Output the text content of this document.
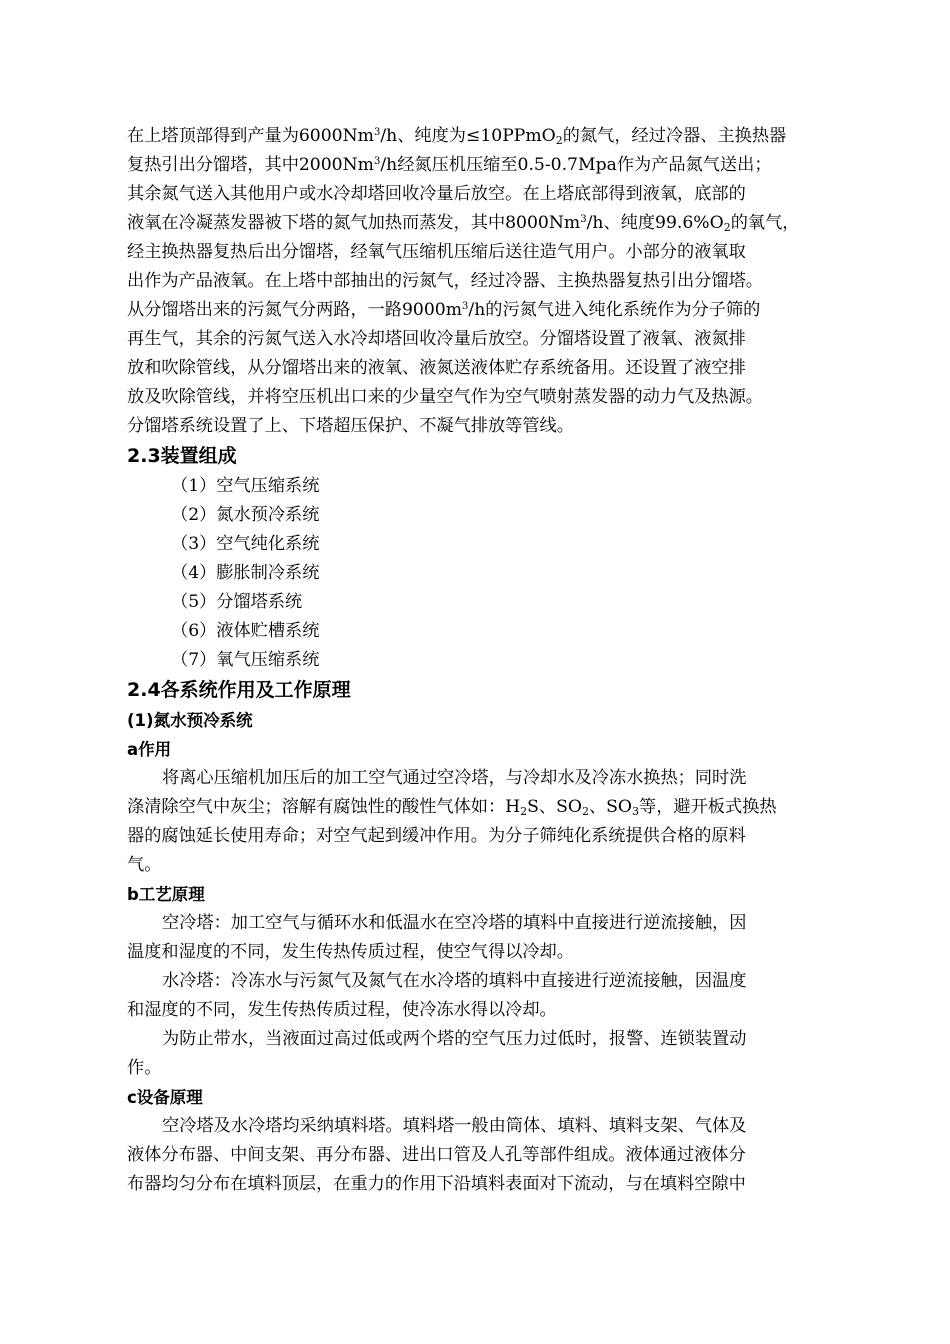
在上塔顶部得到产量为6000Nm$^3$/h、纯度为≤10PPmO$_2$的氮气，经过冷器、主换热器
复热引出分馏塔，其中2000Nm$^3$/h经氮压机压缩至0.5-0.7Mpa作为产品氮气送出；
其余氮气送入其他用户或水冷却塔回收冷量后放空。在上塔底部得到液氧，底部的
液氧在冷凝蒸发器被下塔的氮气加热而蒸发，其中8000Nm$^3$/h、纯度$99.6\%O_2$的氧气，
经主换热器复热后出分馏塔，经氧气压缩机压缩后送往造气用户。小部分的液氧取
出作为产品液氧。在上塔中部抽出的污氮气，经过冷器、主换热器复热引出分馏塔。
从分馏塔出来的污氮气分两路，一路$9000m^3/h$的污氮气进入纯化系统作为分子筛的
再生气，其余的污氮气送入水冷却塔回收冷量后放空。分馏塔设置了液氧、液氮排
放和吹除管线，从分馏塔出来的液氧、液氮送液体贮存系统备用。还设置了液空排
放及吹除管线，并将空压机出口来的少量空气作为空气喷射蒸发器的动力气及热源。
分馏塔系统设置了上、下塔超压保护、不凝气排放等管线。
2.3装置组成
（1）空气压缩系统
（2）氮水预冷系统
（3）空气纯化系统
（4）膨胀制冷系统
（5）分馏塔系统
（6）液体贮槽系统
（7）氧气压缩系统
2.4各系统作用及工作原理
(1)氮水预冷系统
a作用
将离心压缩机加压后的加工空气通过空冷塔，与冷却水及冷冻水换热；同时洗
涤清除空气中灰尘；溶解有腐蚀性的酸性气体如：$H_2S$、$SO_2$、$SO_3$等，避开板式换热
器的腐蚀延长使用寿命；对空气起到缓冲作用。为分子筛纯化系统提供合格的原料
气。
b工艺原理
空冷塔：加工空气与循环水和低温水在空冷塔的填料中直接进行逆流接触，因
温度和湿度的不同，发生传热传质过程，使空气得以冷却。
水冷塔：冷冻水与污氮气及氮气在水冷塔的填料中直接进行逆流接触，因温度
和湿度的不同，发生传热传质过程，使冷冻水得以冷却。
为防止带水，当液面过高过低或两个塔的空气压力过低时，报警、连锁装置动
作。
c设备原理
空冷塔及水冷塔均采纳填料塔。填料塔一般由筒体、填料、填料支架、气体及
液体分布器、中间支架、再分布器、进出口管及人孔等部件组成。液体通过液体分
布器均匀分布在填料顶层，在重力的作用下沿填料表面对下流动，与在填料空隙中
